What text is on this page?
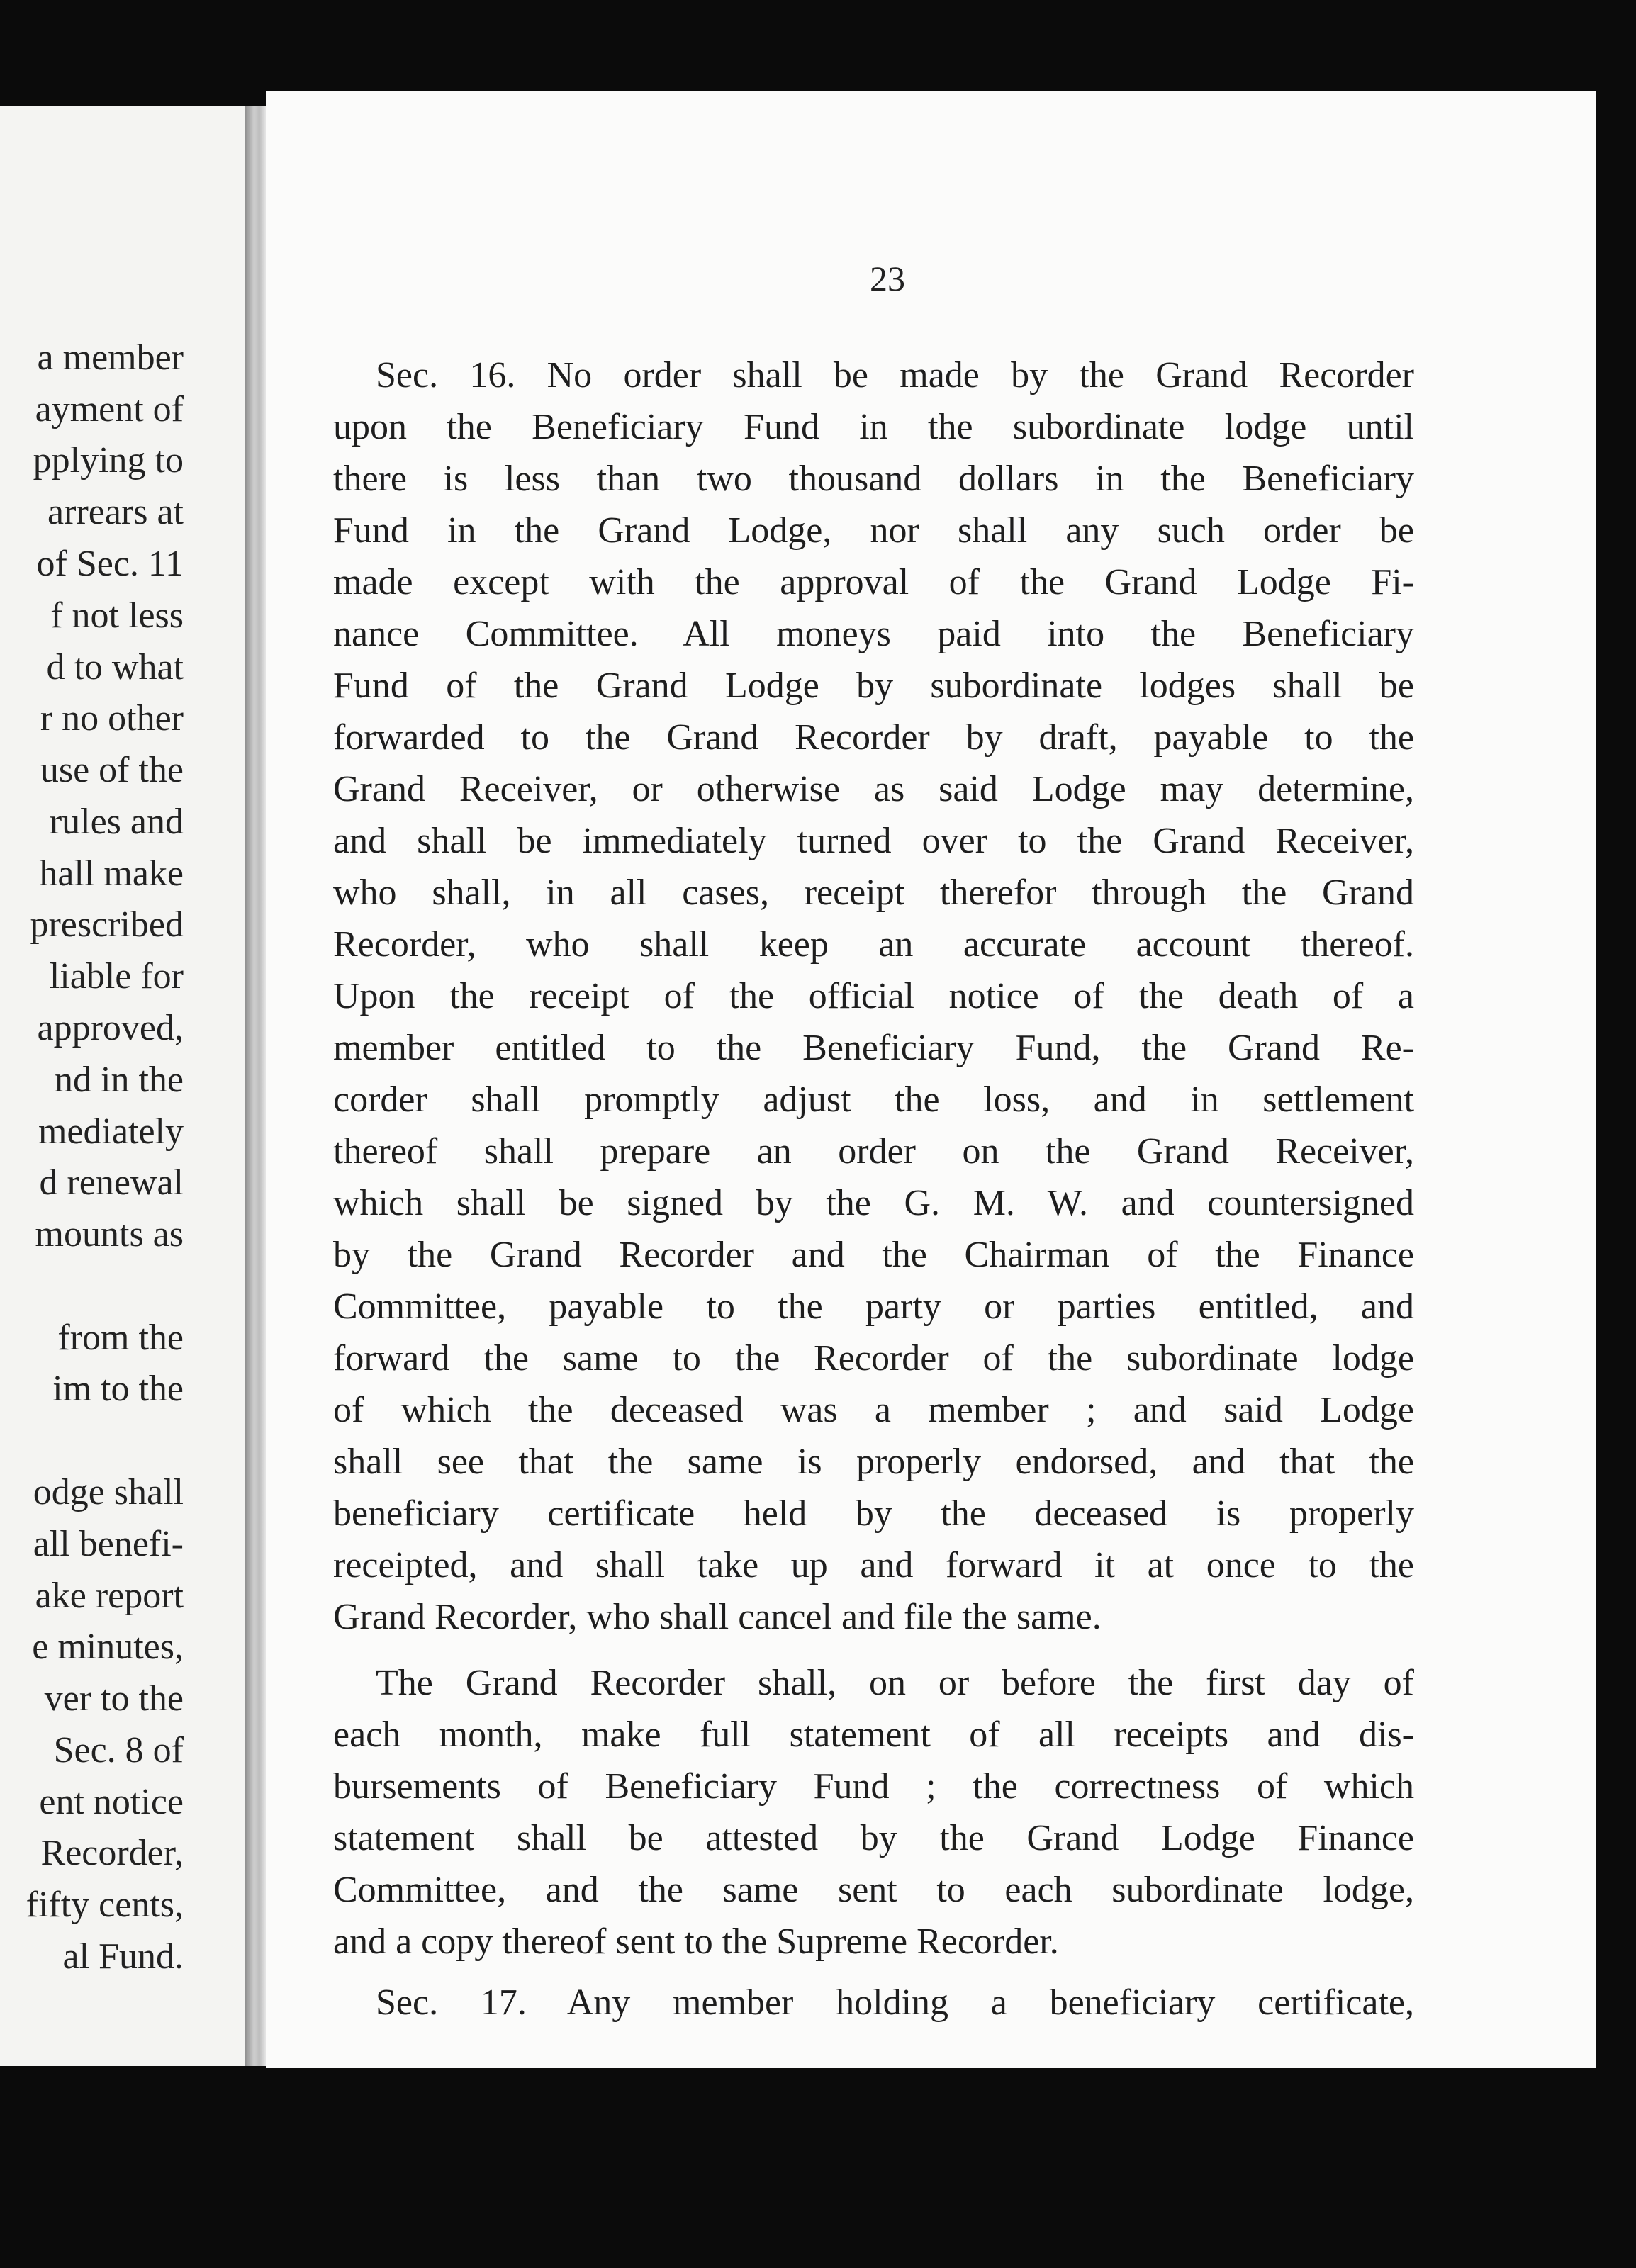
a member
ayment of
pplying to
arrears at
of Sec. 11
f not less
d to what
r no other
use of the
rules and
hall make
prescribed
liable for
approved,
nd in the
mediately
d renewal
mounts as
from the
im to the
odge shall
all benefi-
ake report
e minutes,
ver to the
Sec. 8 of
ent notice
Recorder,
fifty cents,
al Fund.
23
Sec. 16. No order shall be made by the Grand Recorder
upon the Beneficiary Fund in the subordinate lodge until
there is less than two thousand dollars in the Beneficiary
Fund in the Grand Lodge, nor shall any such order be
made except with the approval of the Grand Lodge Fi-
nance Committee. All moneys paid into the Beneficiary
Fund of the Grand Lodge by subordinate lodges shall be
forwarded to the Grand Recorder by draft, payable to the
Grand Receiver, or otherwise as said Lodge may determine,
and shall be immediately turned over to the Grand Receiver,
who shall, in all cases, receipt therefor through the Grand
Recorder, who shall keep an accurate account thereof.
Upon the receipt of the official notice of the death of a
member entitled to the Beneficiary Fund, the Grand Re-
corder shall promptly adjust the loss, and in settlement
thereof shall prepare an order on the Grand Receiver,
which shall be signed by the G. M. W. and countersigned
by the Grand Recorder and the Chairman of the Finance
Committee, payable to the party or parties entitled, and
forward the same to the Recorder of the subordinate lodge
of which the deceased was a member ; and said Lodge
shall see that the same is properly endorsed, and that the
beneficiary certificate held by the deceased is properly
receipted, and shall take up and forward it at once to the
Grand Recorder, who shall cancel and file the same.
The Grand Recorder shall, on or before the first day of
each month, make full statement of all receipts and dis-
bursements of Beneficiary Fund ; the correctness of which
statement shall be attested by the Grand Lodge Finance
Committee, and the same sent to each subordinate lodge,
and a copy thereof sent to the Supreme Recorder.
Sec. 17. Any member holding a beneficiary certificate,
